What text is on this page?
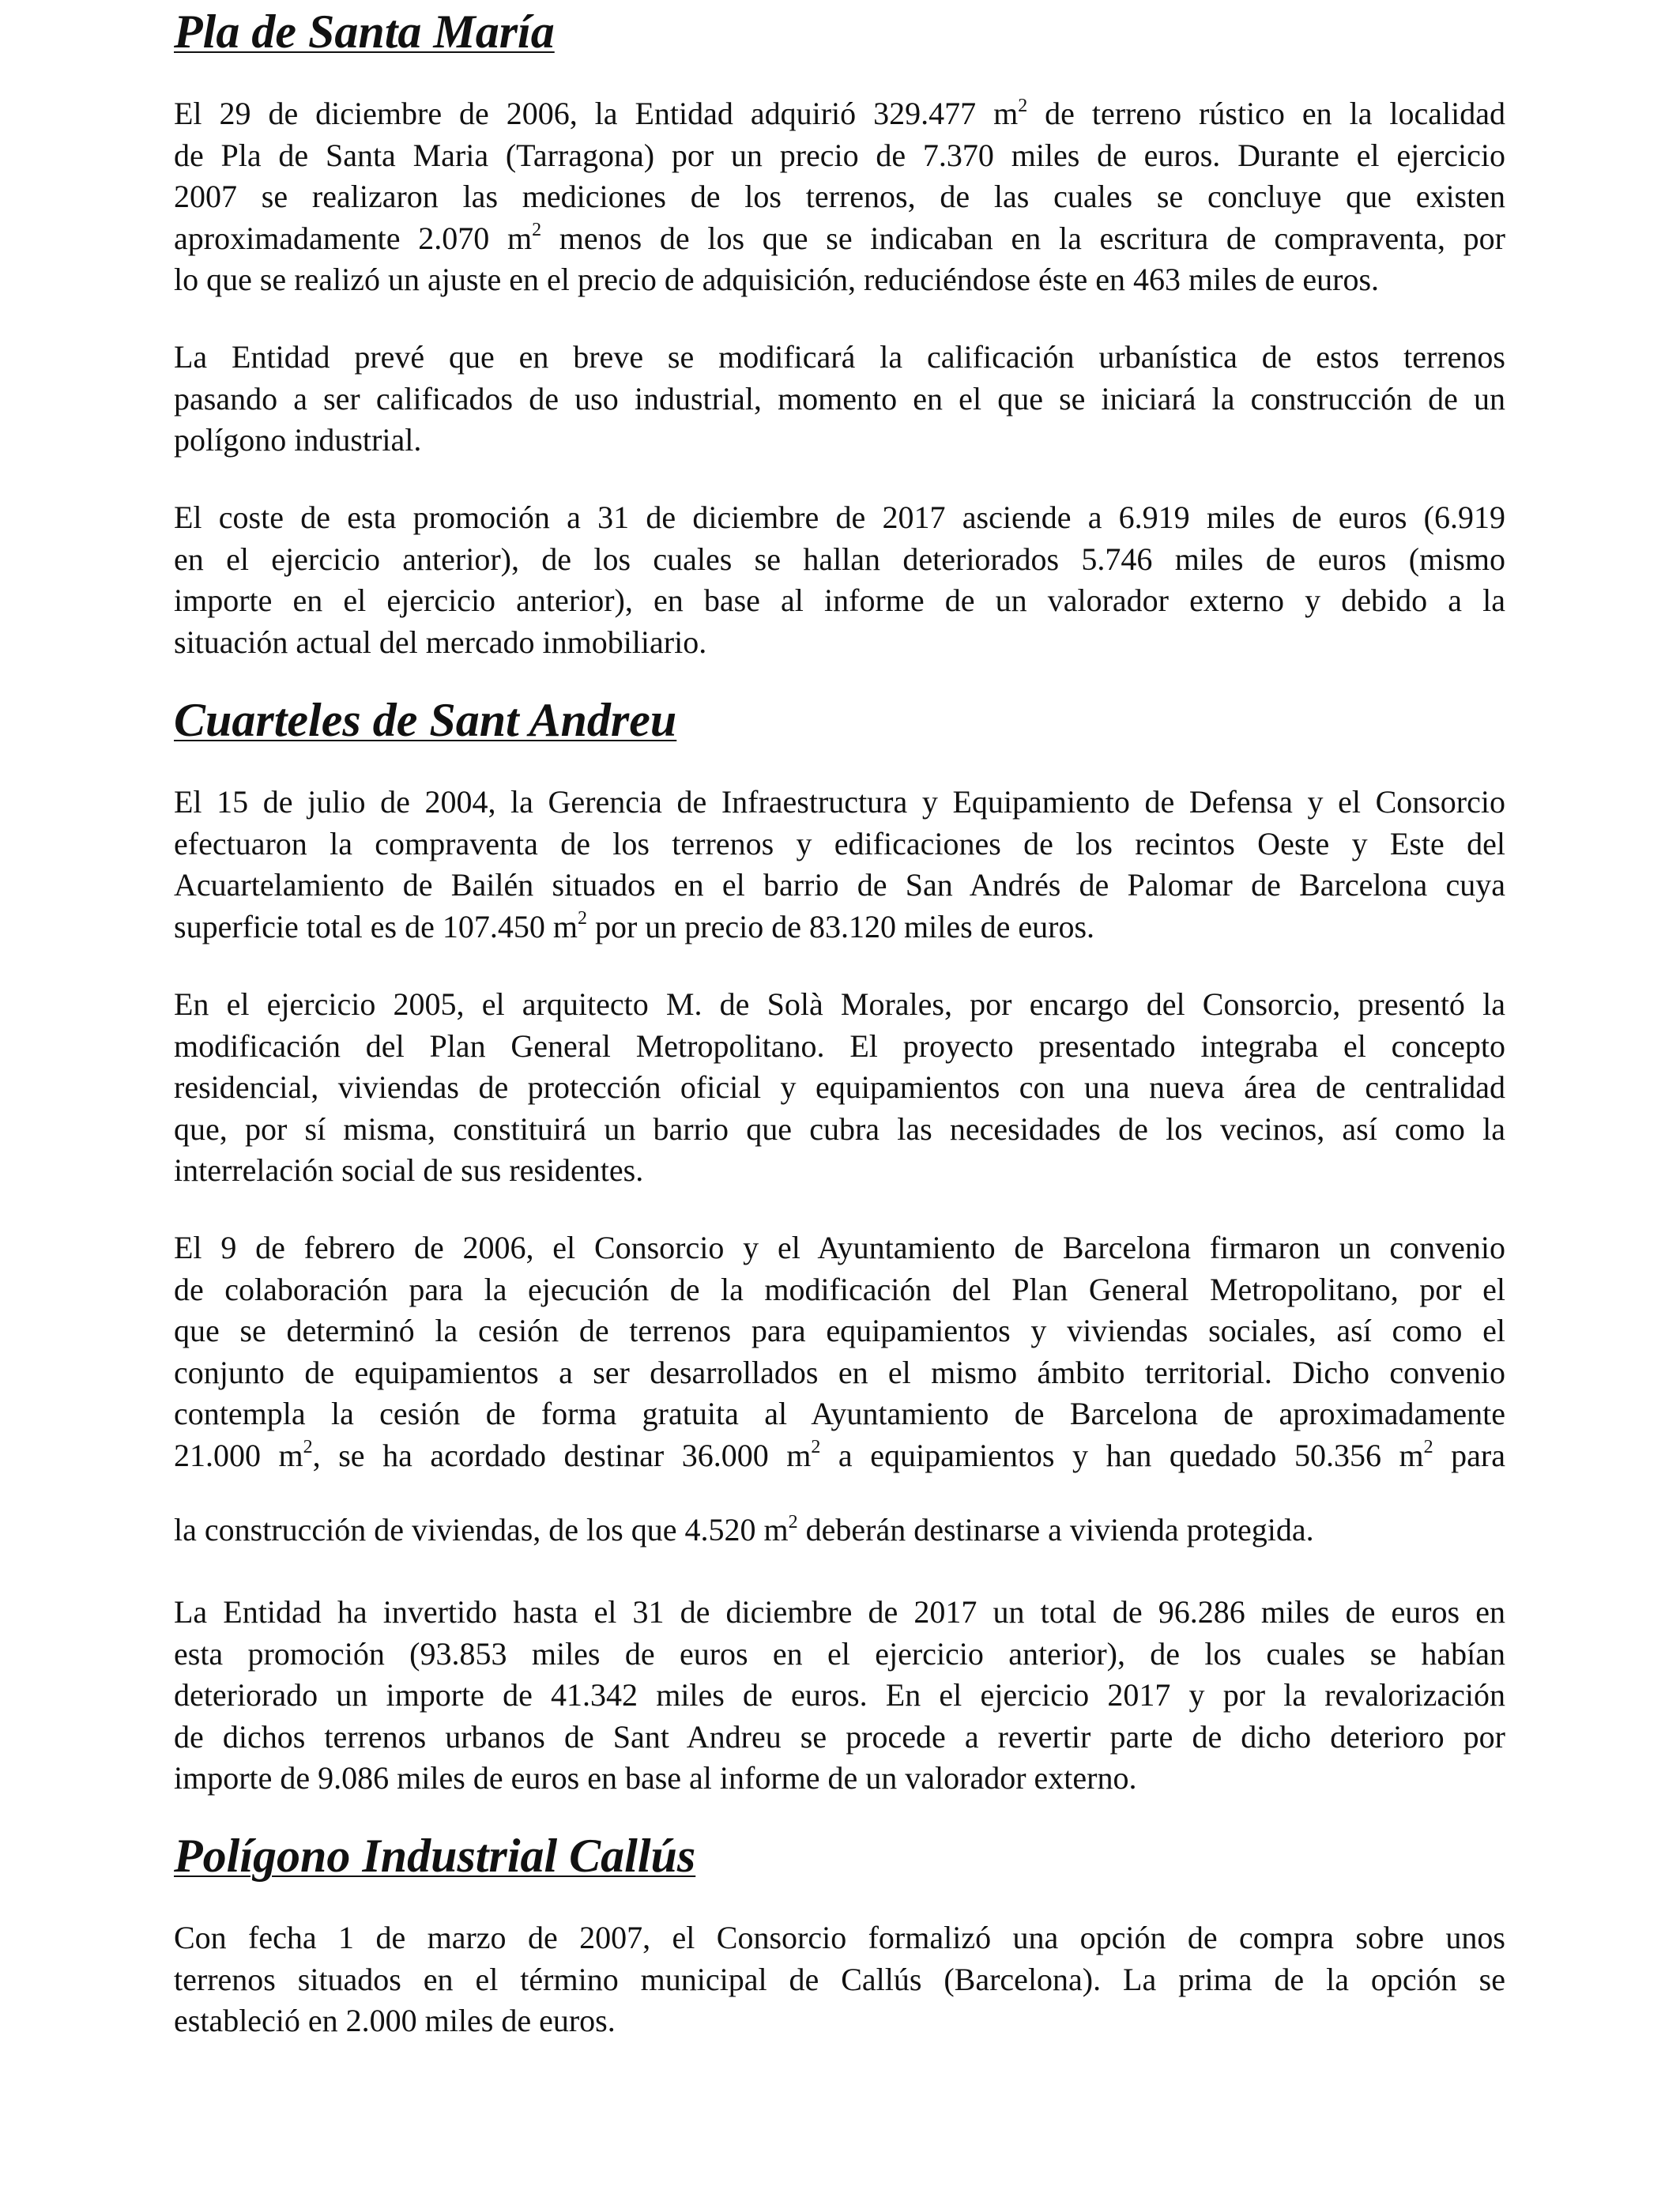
Pla de Santa María
El 29 de diciembre de 2006, la Entidad adquirió 329.477 $m^2$ de terreno rústico en la localidad
de Pla de Santa Maria (Tarragona) por un precio de 7.370 miles de euros. Durante el ejercicio
2007 se realizaron las mediciones de los terrenos, de las cuales se concluye que existen
aproximadamente 2.070 $m^2$ menos de los que se indicaban en la escritura de compraventa, por
lo que se realizó un ajuste en el precio de adquisición, reduciéndose éste en 463 miles de euros.
La Entidad prevé que en breve se modificará la calificación urbanística de estos terrenos
pasando a ser calificados de uso industrial, momento en el que se iniciará la construcción de un
polígono industrial.
El coste de esta promoción a 31 de diciembre de 2017 asciende a 6.919 miles de euros (6.919
en el ejercicio anterior), de los cuales se hallan deteriorados 5.746 miles de euros (mismo
importe en el ejercicio anterior), en base al informe de un valorador externo y debido a la
situación actual del mercado inmobiliario.
Cuarteles de Sant Andreu
El 15 de julio de 2004, la Gerencia de Infraestructura y Equipamiento de Defensa y el Consorcio
efectuaron la compraventa de los terrenos y edificaciones de los recintos Oeste y Este del
Acuartelamiento de Bailén situados en el barrio de San Andrés de Palomar de Barcelona cuya
superficie total es de 107.450 $m^2$ por un precio de 83.120 miles de euros.
En el ejercicio 2005, el arquitecto M. de Solà Morales, por encargo del Consorcio, presentó la
modificación del Plan General Metropolitano. El proyecto presentado integraba el concepto
residencial, viviendas de protección oficial y equipamientos con una nueva área de centralidad
que, por sí misma, constituirá un barrio que cubra las necesidades de los vecinos, así como la
interrelación social de sus residentes.
El 9 de febrero de 2006, el Consorcio y el Ayuntamiento de Barcelona firmaron un convenio
de colaboración para la ejecución de la modificación del Plan General Metropolitano, por el
que se determinó la cesión de terrenos para equipamientos y viviendas sociales, así como el
conjunto de equipamientos a ser desarrollados en el mismo ámbito territorial. Dicho convenio
contempla la cesión de forma gratuita al Ayuntamiento de Barcelona de aproximadamente
21.000 $m^2$, se ha acordado destinar 36.000 $m^2$ a equipamientos y han quedado 50.356 $m^2$ para
la construcción de viviendas, de los que 4.520 $m^2$ deberán destinarse a vivienda protegida.
La Entidad ha invertido hasta el 31 de diciembre de 2017 un total de 96.286 miles de euros en
esta promoción (93.853 miles de euros en el ejercicio anterior), de los cuales se habían
deteriorado un importe de 41.342 miles de euros. En el ejercicio 2017 y por la revalorización
de dichos terrenos urbanos de Sant Andreu se procede a revertir parte de dicho deterioro por
importe de 9.086 miles de euros en base al informe de un valorador externo.
Polígono Industrial Callús
Con fecha 1 de marzo de 2007, el Consorcio formalizó una opción de compra sobre unos
terrenos situados en el término municipal de Callús (Barcelona). La prima de la opción se
estableció en 2.000 miles de euros.
